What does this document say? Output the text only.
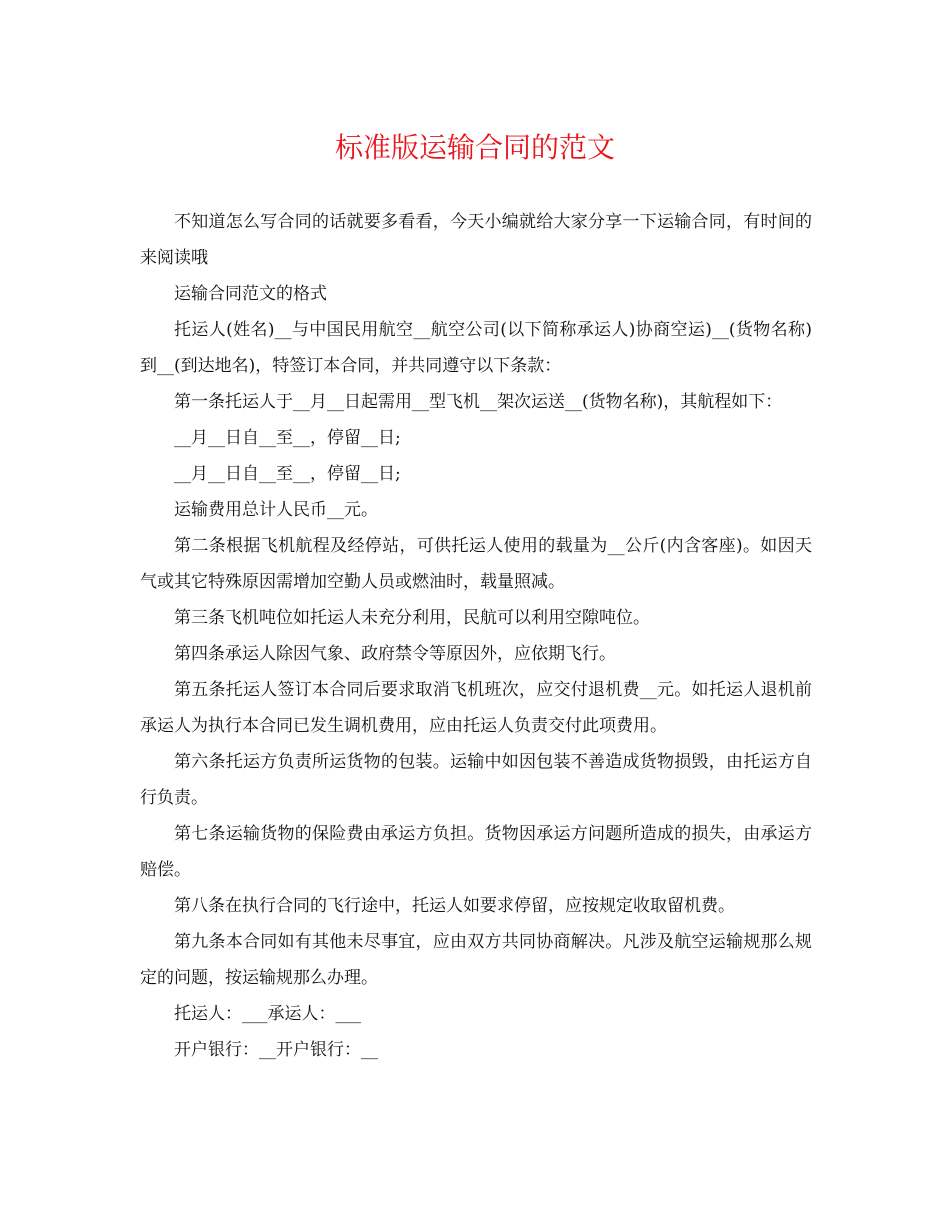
标准版运输合同的范文

不知道怎么写合同的话就要多看看，今天小编就给大家分享一下运输合同，有时间的来阅读哦

运输合同范文的格式

托运人(姓名)__与中国民用航空__航空公司(以下简称承运人)协商空运)__(货物名称)到__(到达地名)，特签订本合同，并共同遵守以下条款：

第一条托运人于__月__日起需用__型飞机__架次运送__(货物名称)，其航程如下：

__月__日自__至__，停留__日;

__月__日自__至__，停留__日;

运输费用总计人民币__元。

第二条根据飞机航程及经停站，可供托运人使用的载量为__公斤(内含客座)。如因天气或其它特殊原因需增加空勤人员或燃油时，载量照减。

第三条飞机吨位如托运人未充分利用，民航可以利用空隙吨位。

第四条承运人除因气象、政府禁令等原因外，应依期飞行。

第五条托运人签订本合同后要求取消飞机班次，应交付退机费__元。如托运人退机前承运人为执行本合同已发生调机费用，应由托运人负责交付此项费用。

第六条托运方负责所运货物的包装。运输中如因包装不善造成货物损毁，由托运方自行负责。

第七条运输货物的保险费由承运方负担。货物因承运方问题所造成的损失，由承运方赔偿。

第八条在执行合同的飞行途中，托运人如要求停留，应按规定收取留机费。

第九条本合同如有其他未尽事宜，应由双方共同协商解决。凡涉及航空运输规那么规定的问题，按运输规那么办理。

托运人：___承运人：___

开户银行：__开户银行：__
